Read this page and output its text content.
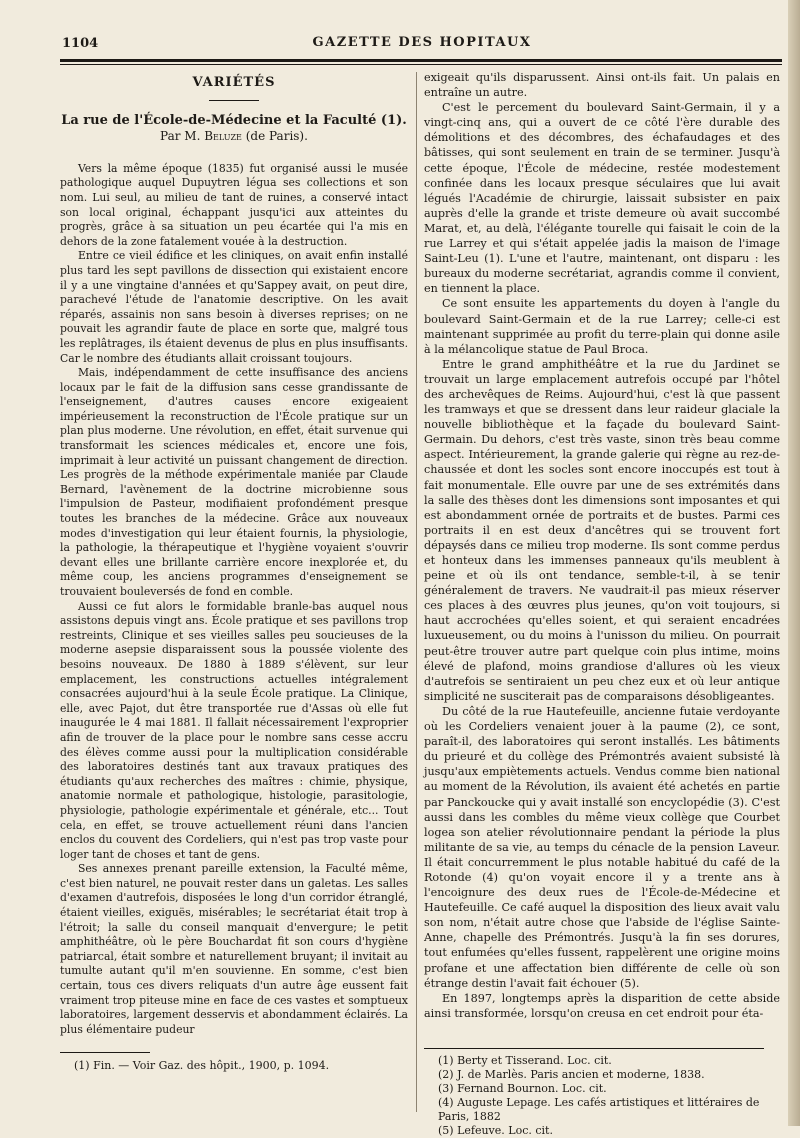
1104	GAZETTE DES HOPITAUX
VARIÉTÉS
La rue de l'École-de-Médecine et la Faculté (1).
Par M. Beluze (de Paris).

Vers la même époque (1835) fut organisé aussi le musée pathologique auquel Dupuytren légua ses collections et son nom. Lui seul, au milieu de tant de ruines, a conservé intact son local original, échappant jusqu'ici aux atteintes du progrès, grâce à sa situation un peu écartée qui l'a mis en dehors de la zone fatalement vouée à la destruction.

Entre ce vieil édifice et les cliniques, on avait enfin installé plus tard les sept pavillons de dissection qui existaient encore il y a une vingtaine d'années et qu'Sappey avait, on peut dire, parachevé l'étude de l'anatomie descriptive. On les avait réparés, assainis non sans besoin à diverses reprises; on ne pouvait les agrandir faute de place en sorte que, malgré tous les replâtrages, ils étaient devenus de plus en plus insuffisants. Car le nombre des étudiants allait croissant toujours.

Mais, indépendamment de cette insuffisance des anciens locaux par le fait de la diffusion sans cesse grandissante de l'enseignement, d'autres causes encore exigeaient impérieusement la reconstruction de l'École pratique sur un plan plus moderne. Une révolution, en effet, était survenue qui transformait les sciences médicales et, encore une fois, imprimait à leur activité un puissant changement de direction. Les progrès de la méthode expérimentale maniée par Claude Bernard, l'avènement de la doctrine microbienne sous l'impulsion de Pasteur, modifiaient profondément presque toutes les branches de la médecine. Grâce aux nouveaux modes d'investigation qui leur étaient fournis, la physiologie, la pathologie, la thérapeutique et l'hygiène voyaient s'ouvrir devant elles une brillante carrière encore inexplorée et, du même coup, les anciens programmes d'enseignement se trouvaient bouleversés de fond en comble.

Aussi ce fut alors le formidable branle-bas auquel nous assistons depuis vingt ans. École pratique et ses pavillons trop restreints, Clinique et ses vieilles salles peu soucieuses de la moderne asepsie disparaissent sous la poussée violente des besoins nouveaux. De 1880 à 1889 s'élèvent, sur leur emplacement, les constructions actuelles intégralement consacrées aujourd'hui à la seule École pratique. La Clinique, elle, avec Pajot, dut être transportée rue d'Assas où elle fut inaugurée le 4 mai 1881. Il fallait nécessairement l'exproprier afin de trouver de la place pour le nombre sans cesse accru des élèves comme aussi pour la multiplication considérable des laboratoires destinés tant aux travaux pratiques des étudiants qu'aux recherches des maîtres : chimie, physique, anatomie normale et pathologique, histologie, parasitologie, physiologie, pathologie expérimentale et générale, etc... Tout cela, en effet, se trouve actuellement réuni dans l'ancien enclos du couvent des Cordeliers, qui n'est pas trop vaste pour loger tant de choses et tant de gens.

Ses annexes prenant pareille extension, la Faculté même, c'est bien naturel, ne pouvait rester dans un galetas. Les salles d'examen d'autrefois, disposées le long d'un corridor étranglé, étaient vieilles, exiguës, misérables; le secrétariat était trop à l'étroit; la salle du conseil manquait d'envergure; le petit amphithéâtre, où le père Bouchardat fit son cours d'hygiène patriarcal, était sombre et naturellement bruyant; il invitait au tumulte autant qu'il m'en souvienne. En somme, c'est bien certain, tous ces divers reliquats d'un autre âge eussent fait vraiment trop piteuse mine en face de ces vastes et somptueux laboratoires, largement desservis et abondamment éclairés. La plus élémentaire pudeur

(1) Fin. — Voir Gaz. des hôpit., 1900, p. 1094.

exigeait qu'ils disparussent. Ainsi ont-ils fait. Un palais en entraîne un autre.

C'est le percement du boulevard Saint-Germain, il y a vingt-cinq ans, qui a ouvert de ce côté l'ère durable des démolitions et des décombres, des échafaudages et des bâtisses, qui sont seulement en train de se terminer. Jusqu'à cette époque, l'École de médecine, restée modestement confinée dans les locaux presque séculaires que lui avait légués l'Académie de chirurgie, laissait subsister en paix auprès d'elle la grande et triste demeure où avait succombé Marat, et, au delà, l'élégante tourelle qui faisait le coin de la rue Larrey et qui s'était appelée jadis la maison de l'image Saint-Leu (1). L'une et l'autre, maintenant, ont disparu : les bureaux du moderne secrétariat, agrandis comme il convient, en tiennent la place.

Ce sont ensuite les appartements du doyen à l'angle du boulevard Saint-Germain et de la rue Larrey; celle-ci est maintenant supprimée au profit du terre-plain qui donne asile à la mélancolique statue de Paul Broca.

Entre le grand amphithéâtre et la rue du Jardinet se trouvait un large emplacement autrefois occupé par l'hôtel des archevêques de Reims. Aujourd'hui, c'est là que passent les tramways et que se dressent dans leur raideur glaciale la nouvelle bibliothèque et la façade du boulevard Saint-Germain. Du dehors, c'est très vaste, sinon très beau comme aspect. Intérieurement, la grande galerie qui règne au rez-de-chaussée et dont les socles sont encore inoccupés est tout à fait monumentale. Elle ouvre par une de ses extrémités dans la salle des thèses dont les dimensions sont imposantes et qui est abondamment ornée de portraits et de bustes. Parmi ces portraits il en est deux d'ancêtres qui se trouvent fort dépaysés dans ce milieu trop moderne. Ils sont comme perdus et honteux dans les immenses panneaux qu'ils meublent à peine et où ils ont tendance, semble-t-il, à se tenir généralement de travers. Ne vaudrait-il pas mieux réserver ces places à des œuvres plus jeunes, qu'on voit toujours, si haut accrochées qu'elles soient, et qui seraient encadrées luxueusement, ou du moins à l'unisson du milieu. On pourrait peut-être trouver autre part quelque coin plus intime, moins élevé de plafond, moins grandiose d'allures où les vieux d'autrefois se sentiraient un peu chez eux et où leur antique simplicité ne susciterait pas de comparaisons désobligeantes.

Du côté de la rue Hautefeuille, ancienne futaie verdoyante où les Cordeliers venaient jouer à la paume (2), ce sont, paraît-il, des laboratoires qui seront installés. Les bâtiments du prieuré et du collège des Prémontrés avaient subsisté là jusqu'aux empiètements actuels. Vendus comme bien national au moment de la Révolution, ils avaient été achetés en partie par Panckoucke qui y avait installé son encyclopédie (3). C'est aussi dans les combles du même vieux collège que Courbet logea son atelier révolutionnaire pendant la période la plus militante de sa vie, au temps du cénacle de la pension Laveur. Il était concurremment le plus notable habitué du café de la Rotonde (4) qu'on voyait encore il y a trente ans à l'encoignure des deux rues de l'École-de-Médecine et Hautefeuille. Ce café auquel la disposition des lieux avait valu son nom, n'était autre chose que l'abside de l'église Sainte-Anne, chapelle des Prémontrés. Jusqu'à la fin ses dorures, tout enfumées qu'elles fussent, rappelèrent une origine moins profane et une affectation bien différente de celle où son étrange destin l'avait fait échouer (5).

En 1897, longtemps après la disparition de cette abside ainsi transformée, lorsqu'on creusa en cet endroit pour éta-

(1) Berty et Tisserand. Loc. cit.
(2) J. de Marlès. Paris ancien et moderne, 1838.
(3) Fernand Bournon. Loc. cit.
(4) Auguste Lepage. Les cafés artistiques et littéraires de Paris, 1882
(5) Lefeuve. Loc. cit.
